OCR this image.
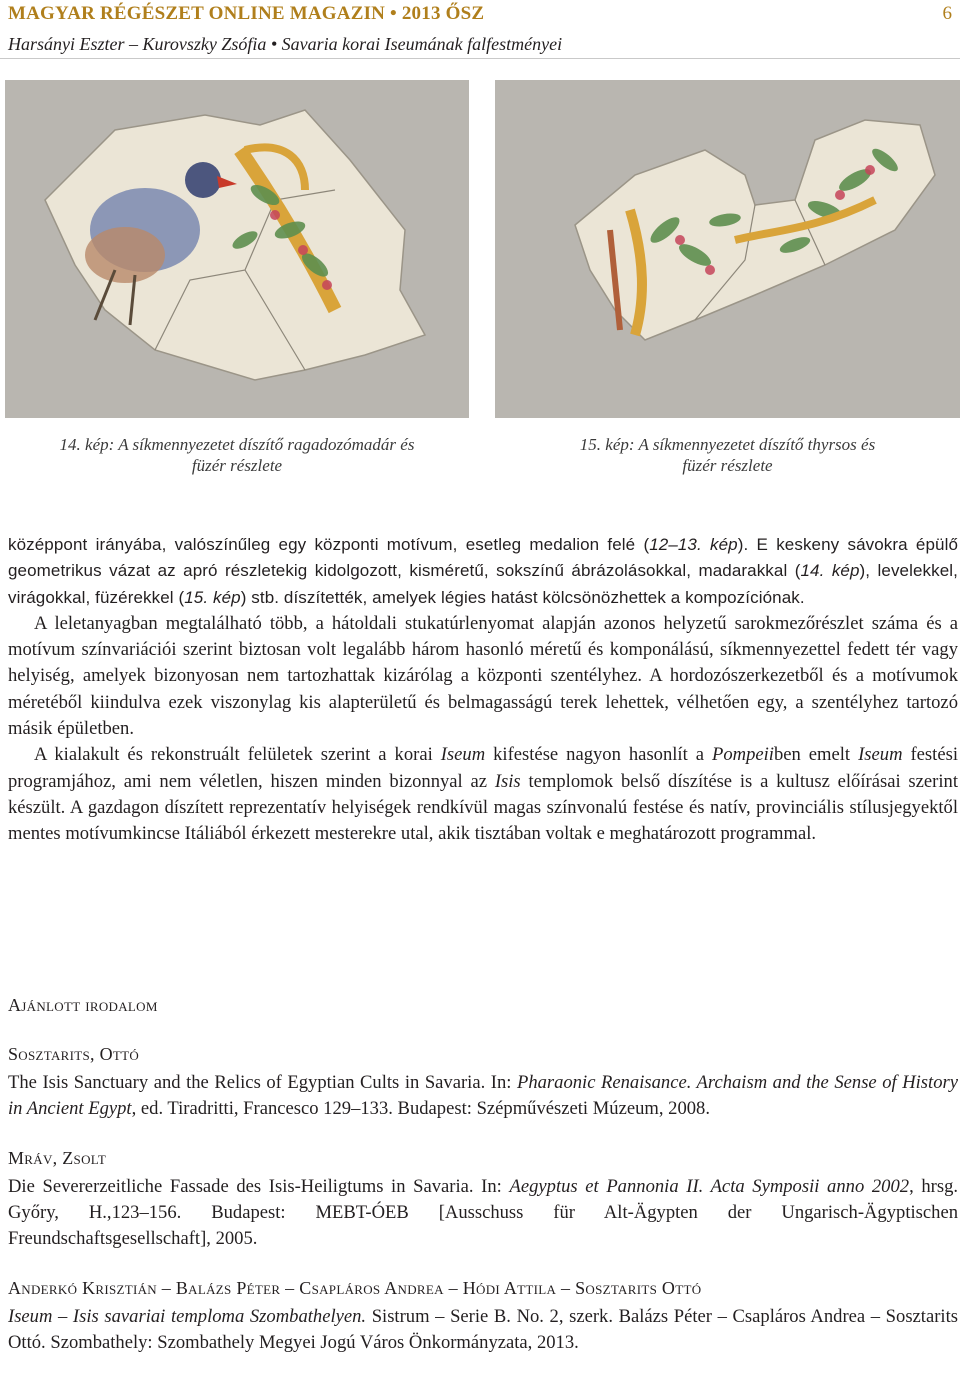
MAGYAR RÉGÉSZET ONLINE MAGAZIN • 2013 ŐSZ	6
Harsányi Eszter – Kurovszky Zsófia • Savaria korai Iseumának falfestményei
14. kép: A síkmennyezetet díszítő ragadozómadár és
füzér részlete
15. kép: A síkmennyezetet díszítő thyrsos és
füzér részlete

középpont irányába, valószínűleg egy központi motívum, esetleg medalion felé (12–13. kép). E keskeny sávokra épülő geometrikus vázat az apró részletekig kidolgozott, kisméretű, sokszínű ábrázolásokkal, madarakkal (14. kép), levelekkel, virágokkal, füzérekkel (15. kép) stb. díszítették, amelyek légies hatást kölcsönözhettek a kompozíciónak.

A leletanyagban megtalálható több, a hátoldali stukatúrlenyomat alapján azonos helyzetű sarokmezőrészlet száma és a motívum színvariációi szerint biztosan volt legalább három hasonló méretű és komponálású, síkmennyezettel fedett tér vagy helyiség, amelyek bizonyosan nem tartozhattak kizárólag a központi szentélyhez. A hordozószerkezetből és a motívumok méretéből kiindulva ezek viszonylag kis alapterületű és belmagasságú terek lehettek, vélhetően egy, a szentélyhez tartozó másik épületben.

A kialakult és rekonstruált felületek szerint a korai Iseum kifestése nagyon hasonlít a Pompeiiben emelt Iseum festési programjához, ami nem véletlen, hiszen minden bizonnyal az Isis templomok belső díszítése is a kultusz előírásai szerint készült. A gazdagon díszített reprezentatív helyiségek rendkívül magas színvonalú festése és natív, provinciális stílusjegyektől mentes motívumkincse Itáliából érkezett mesterekre utal, akik tisztában voltak e meghatározott programmal.

Ajánlott irodalom
Sosztarits, Ottó
The Isis Sanctuary and the Relics of Egyptian Cults in Savaria. In: Pharaonic Renaisance. Archaism and the Sense of History in Ancient Egypt, ed. Tiradritti, Francesco 129–133. Budapest: Szépművészeti Múzeum, 2008.
Mráv, Zsolt
Die Severerzeitliche Fassade des Isis-Heiligtums in Savaria. In: Aegyptus et Pannonia II. Acta Symposii anno 2002, hrsg. Győry, H.,123–156. Budapest: MEBT-ÓEB [Ausschuss für Alt-Ägypten der Ungarisch-Ägyptischen Freundschaftsgesellschaft], 2005.
Anderkó Krisztián – Balázs Péter – Csapláros Andrea – Hódi Attila – Sosztarits Ottó
Iseum – Isis savariai temploma Szombathelyen. Sistrum – Serie B. No. 2, szerk. Balázs Péter – Csapláros Andrea – Sosztarits Ottó. Szombathely: Szombathely Megyei Jogú Város Önkormányzata, 2013.
